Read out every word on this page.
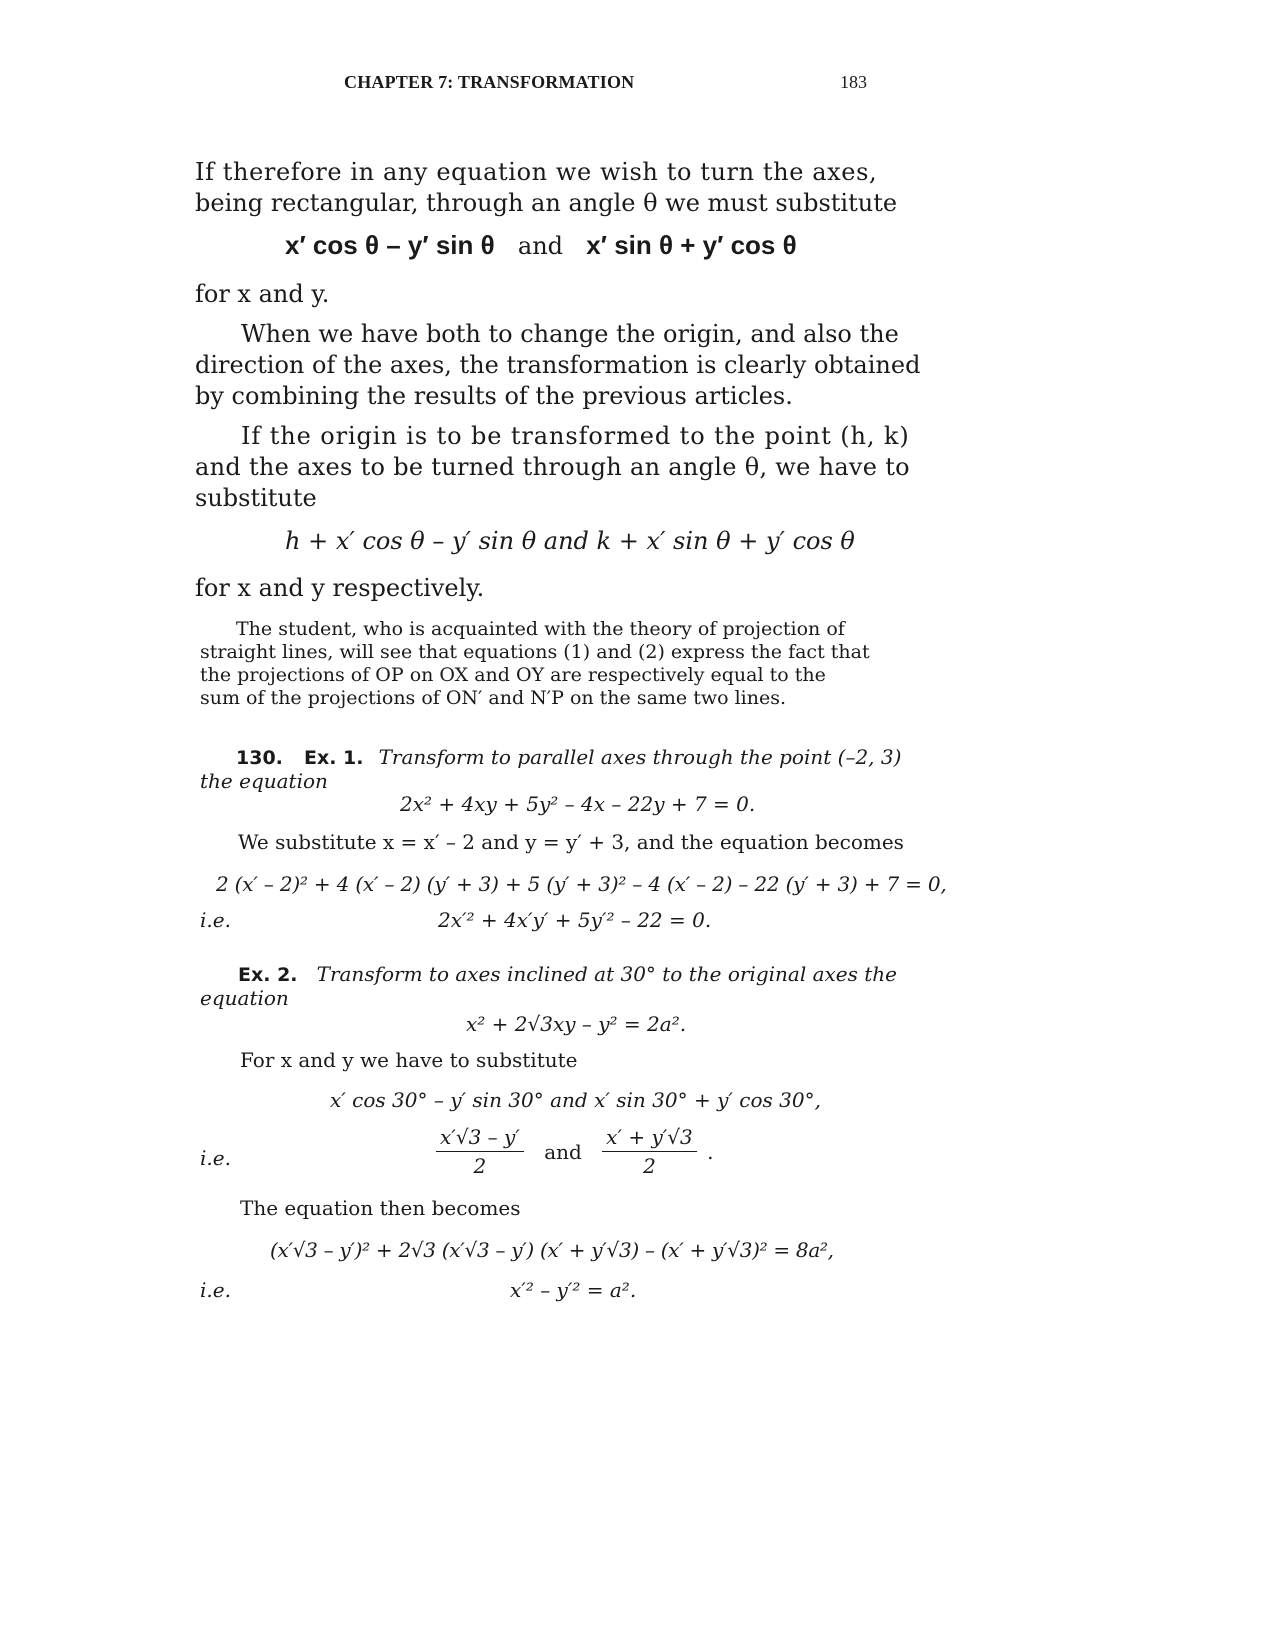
CHAPTER 7: TRANSFORMATION	183
If therefore in any equation we wish to turn the axes,
being rectangular, through an angle θ we must substitute
x′ cos θ – y′ sin θ and x′ sin θ + y′ cos θ
for x and y.
When we have both to change the origin, and also the
direction of the axes, the transformation is clearly obtained
by combining the results of the previous articles.
If the origin is to be transformed to the point (h, k)
and the axes to be turned through an angle θ, we have to
substitute
h + x′ cos θ – y′ sin θ and k + x′ sin θ + y′ cos θ
for x and y respectively.
The student, who is acquainted with the theory of projection of
straight lines, will see that equations (1) and (2) express the fact that
the projections of OP on OX and OY are respectively equal to the
sum of the projections of ON′ and N′P on the same two lines.
130. Ex. 1. Transform to parallel axes through the point (–2, 3)
the equation
2x² + 4xy + 5y² – 4x – 22y + 7 = 0.
We substitute x = x′ – 2 and y = y′ + 3, and the equation becomes
2 (x′ – 2)² + 4 (x′ – 2) (y′ + 3) + 5 (y′ + 3)² – 4 (x′ – 2) – 22 (y′ + 3) + 7 = 0,
i.e.	2x′² + 4x′y′ + 5y′² – 22 = 0.
Ex. 2. Transform to axes inclined at 30° to the original axes the
equation
x² + 2√3xy – y² = 2a².
For x and y we have to substitute
x′ cos 30° – y′ sin 30° and x′ sin 30° + y′ cos 30°,
i.e.	$\frac{x'√3 - y'}{2}$ and $\frac{x' + y'√3}{2}$ .
The equation then becomes
(x′√3 – y′)² + 2√3 (x′√3 – y′) (x′ + y′√3) – (x′ + y′√3)² = 8a²,
i.e.	x′² – y′² = a².
